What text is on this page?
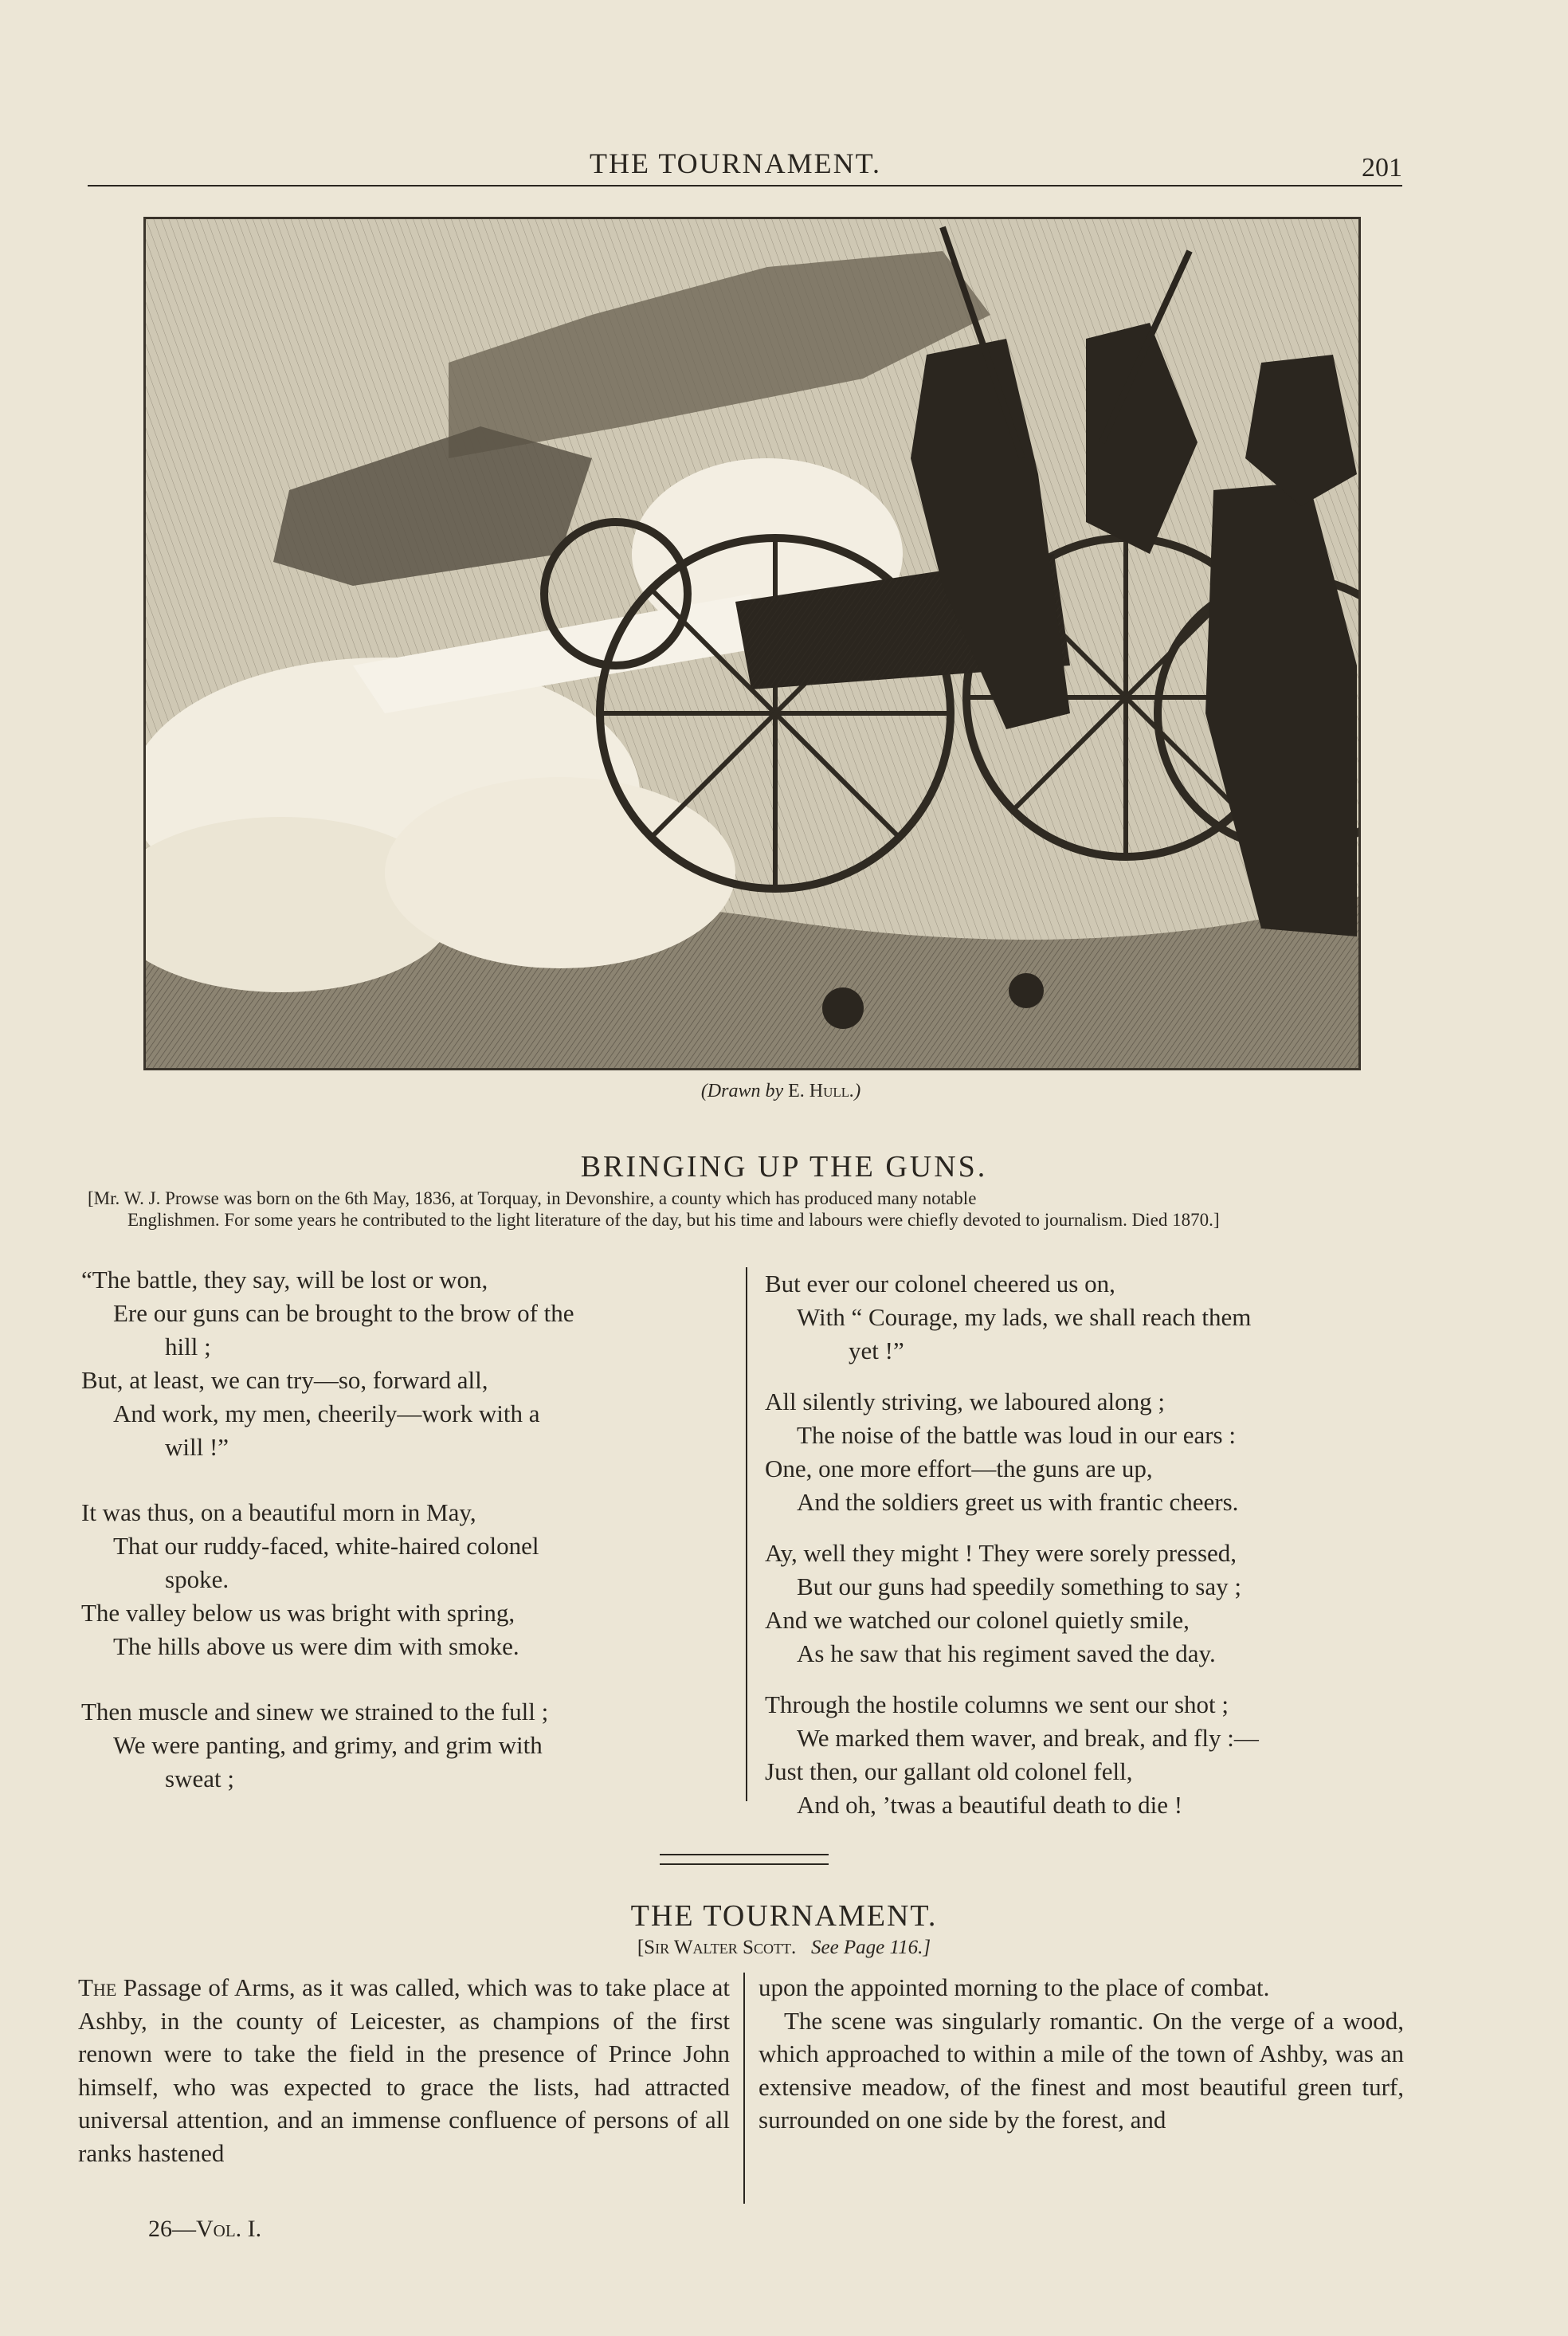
THE TOURNAMENT.	201
(Drawn by E. Hull.)
BRINGING UP THE GUNS.
[Mr. W. J. Prowse was born on the 6th May, 1836, at Torquay, in Devonshire, a county which has produced many notable
Englishmen. For some years he contributed to the light literature of the day, but his time and labours were chiefly devoted to journalism. Died 1870.]
“The battle, they say, will be lost or won,
Ere our guns can be brought to the brow of the
hill ;
But, at least, we can try—so, forward all,
And work, my men, cheerily—work with a
will !”
It was thus, on a beautiful morn in May,
That our ruddy-faced, white-haired colonel
spoke.
The valley below us was bright with spring,
The hills above us were dim with smoke.
Then muscle and sinew we strained to the full ;
We were panting, and grimy, and grim with
sweat ;
But ever our colonel cheered us on,
With “ Courage, my lads, we shall reach them
yet !”
All silently striving, we laboured along ;
The noise of the battle was loud in our ears :
One, one more effort—the guns are up,
And the soldiers greet us with frantic cheers.
Ay, well they might ! They were sorely pressed,
But our guns had speedily something to say ;
And we watched our colonel quietly smile,
As he saw that his regiment saved the day.
Through the hostile columns we sent our shot ;
We marked them waver, and break, and fly :—
Just then, our gallant old colonel fell,
And oh, ’twas a beautiful death to die !
THE TOURNAMENT.
[Sir Walter Scott. See Page 116.]

The Passage of Arms, as it was called, which was to take place at Ashby, in the county of Leicester, as champions of the first renown were to take the field in the presence of Prince John himself, who was expected to grace the lists, had attracted universal attention, and an immense confluence of persons of all ranks hastened

upon the appointed morning to the place of combat.

The scene was singularly romantic. On the verge of a wood, which approached to within a mile of the town of Ashby, was an extensive meadow, of the finest and most beautiful green turf, surrounded on one side by the forest, and

26—Vol. I.
